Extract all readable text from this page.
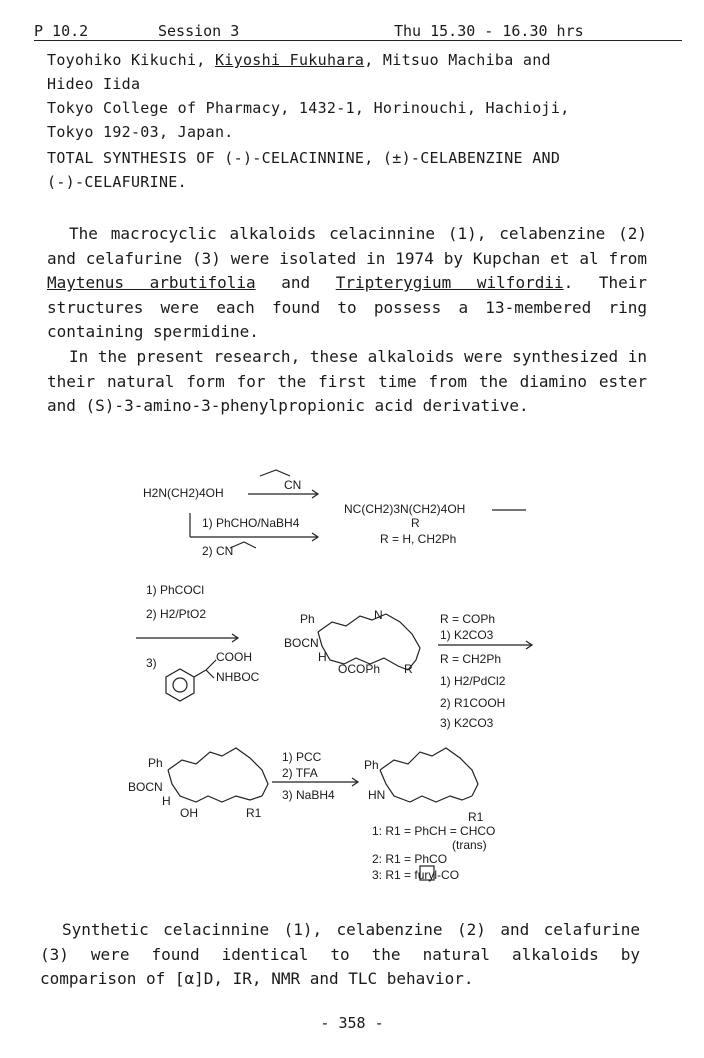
P 10.2	Session 3	Thu 15.30 - 16.30 hrs
Toyohiko Kikuchi, Kiyoshi Fukuhara, Mitsuo Machiba and
Hideo Iida
Tokyo College of Pharmacy, 1432-1, Horinouchi, Hachioji,
Tokyo 192-03, Japan.
TOTAL SYNTHESIS OF (-)-CELACINNINE, (±)-CELABENZINE AND
(-)-CELAFURINE.

The macrocyclic alkaloids celacinnine (1), celabenzine (2) and celafurine (3) were isolated in 1974 by Kupchan et al from Maytenus arbutifolia and Tripterygium wilfordii. Their structures were each found to possess a 13-membered ring containing spermidine.

In the present research, these alkaloids were synthesized in their natural form for the first time from the diamino ester and (S)-3-amino-3-phenylpropionic acid derivative.

H2N(CH2)4OH
CN
1) PhCHO/NaBH4
2) CN
NC(CH2)3N(CH2)4OH
R
R = H, CH2Ph
1) PhCOCl
2) H2/PtO2
3)	COOH
NHBOC
Ph
BOCN
H
OCOPh R
N	R = COPh
1) K2CO3
R = CH2Ph
1) H2/PdCl2
2) R1COOH
3) K2CO3
Ph
BOCN
H
OH	R1
1) PCC
2) TFA
3) NaBH4
Ph
HN
R1
1: R1 = PhCH = CHCO
(trans)
2: R1 = PhCO
3: R1 = furyl-CO

Synthetic celacinnine (1), celabenzine (2) and celafurine (3) were found identical to the natural alkaloids by comparison of [α]D, IR, NMR and TLC behavior.

- 358 -
